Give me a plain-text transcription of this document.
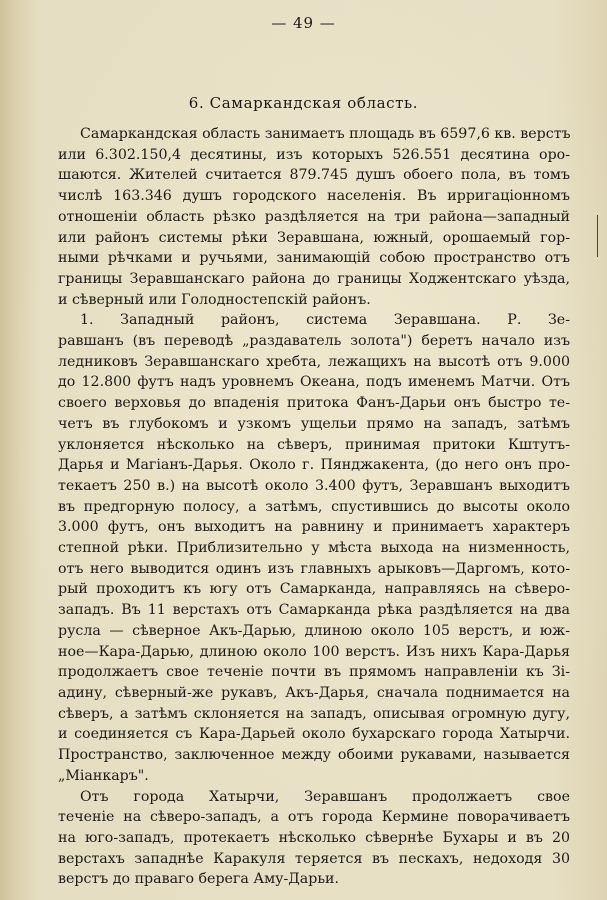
— 49 —
6. Самаркандская область.
Самаркандская область занимаетъ площадь въ 6597,6 кв. верстъ
или 6.302.150,4 десятины, изъ которыхъ 526.551 десятина оро-
шаются. Жителей считается 879.745 душъ обоего пола, въ томъ
числѣ 163.346 душъ городского населенія. Въ ирригаціонномъ
отношеніи область рѣзко раздѣляется на три района—западный
или районъ системы рѣки Зеравшана, южный, орошаемый гор-
ными рѣчками и ручьями, занимающій собою пространство отъ
границы Зеравшанскаго района до границы Ходжентскаго уѣзда,
и сѣверный или Голодностепскій районъ.
1. Западный районъ, система Зеравшана. Р. Зе-
равшанъ (въ переводѣ „раздаватель золота") беретъ начало изъ
ледниковъ Зеравшанскаго хребта, лежащихъ на высотѣ отъ 9.000
до 12.800 футъ надъ уровнемъ Океана, подъ именемъ Матчи. Отъ
своего верховья до впаденія притока Фанъ-Дарьи онъ быстро те-
четъ въ глубокомъ и узкомъ ущельи прямо на западъ, затѣмъ
уклоняется нѣсколько на сѣверъ, принимая притоки Кштутъ-
Дарья и Магіанъ-Дарья. Около г. Пянджакента, (до него онъ про-
текаетъ 250 в.) на высотѣ около 3.400 футъ, Зеравшанъ выходитъ
въ предгорную полосу, а затѣмъ, спустившись до высоты около
3.000 футъ, онъ выходитъ на равнину и принимаетъ характеръ
степной рѣки. Приблизительно у мѣста выхода на низменность,
отъ него выводится одинъ изъ главныхъ арыковъ—Даргомъ, кото-
рый проходитъ къ югу отъ Самарканда, направляясь на сѣверо-
западъ. Въ 11 верстахъ отъ Самарканда рѣка раздѣляется на два
русла — сѣверное Акъ-Дарью, длиною около 105 верстъ, и юж-
ное—Кара-Дарью, длиною около 100 верстъ. Изъ нихъ Кара-Дарья
продолжаетъ свое теченіе почти въ прямомъ направленіи къ Зі-
адину, сѣверный-же рукавъ, Акъ-Дарья, сначала поднимается на
сѣверъ, а затѣмъ склоняется на западъ, описывая огромную дугу,
и соединяется съ Кара-Дарьей около бухарскаго города Хатырчи.
Пространство, заключенное между обоими рукавами, называется
„Міанкаръ".
Отъ города Хатырчи, Зеравшанъ продолжаетъ свое
теченіе на сѣверо-западъ, а отъ города Кермине поворачиваетъ
на юго-западъ, протекаетъ нѣсколько сѣвернѣе Бухары и въ 20
верстахъ западнѣе Каракуля теряется въ пескахъ, недоходя 30
верстъ до праваго берега Аму-Дарьи.
